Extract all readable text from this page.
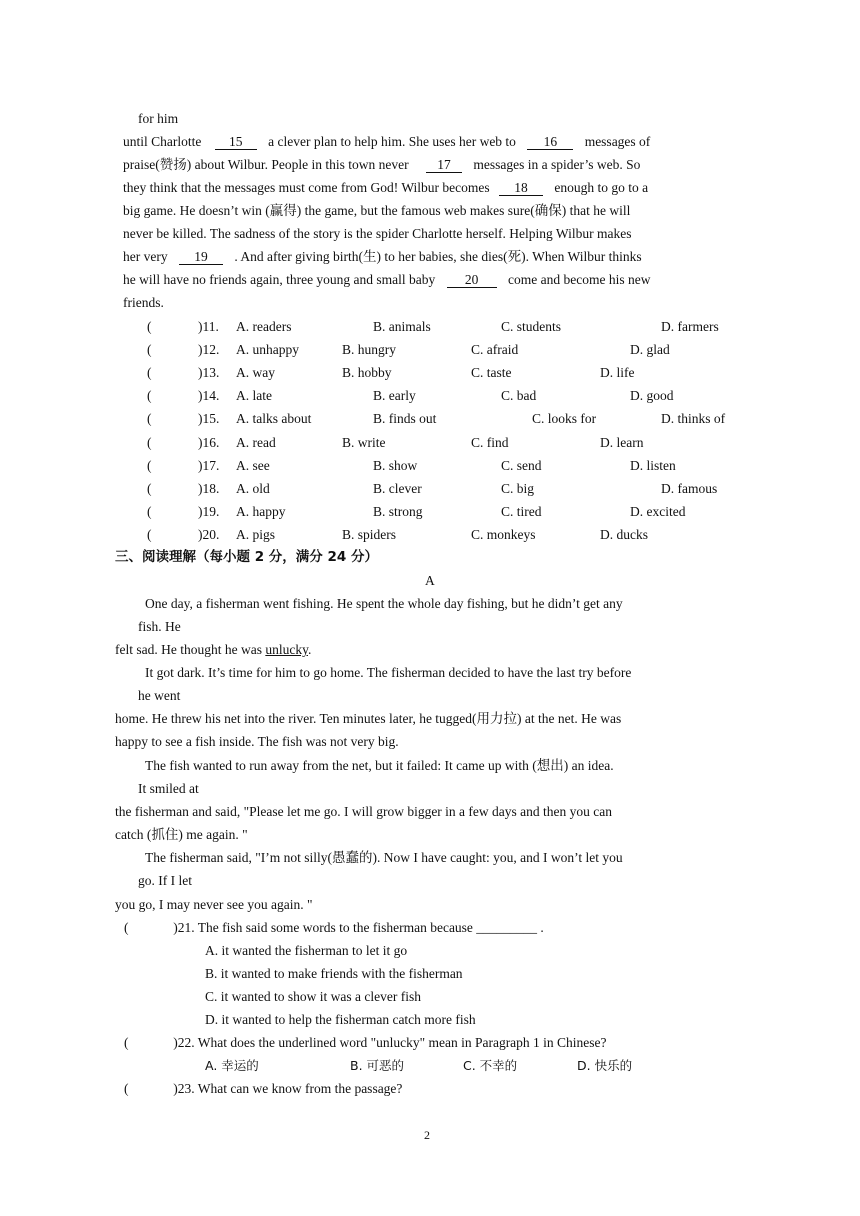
for him
until Charlotte 15 a clever plan to help him. She uses her web to 16 messages of
praise(赞扬) about Wilbur. People in this town never 17 messages in a spider’s web. So
they think that the messages must come from God! Wilbur becomes 18 enough to go to a
big game. He doesn’t win (赢得) the game, but the famous web makes sure(确保) that he will
never be killed. The sadness of the story is the spider Charlotte herself. Helping Wilbur makes
her very 19 . And after giving birth(生) to her babies, she dies(死). When Wilbur thinks
he will have no friends again, three young and small baby 20 come and become his new
friends.
(	)11. A. readers	B. animals	C. students	D. farmers
(	)12. A. unhappy	B. hungry	C. afraid	D. glad
(	)13. A. way	B. hobby	C. taste	D. life
(	)14. A. late	B. early	C. bad	D. good
(	)15. A. talks about	B. finds out	C. looks for	D. thinks of
(	)16. A. read	B. write	C. find	D. learn
(	)17. A. see	B. show	C. send	D. listen
(	)18. A. old	B. clever	C. big	D. famous
(	)19. A. happy	B. strong	C. tired	D. excited
(	)20. A. pigs	B. spiders	C. monkeys	D. ducks
三、阅读理解（每小题 2 分，满分 24 分）
A
One day, a fisherman went fishing. He spent the whole day fishing, but he didn’t get any
fish. He
felt sad. He thought he was unlucky.
It got dark. It’s time for him to go home. The fisherman decided to have the last try before
he went
home. He threw his net into the river. Ten minutes later, he tugged(用力拉) at the net. He was
happy to see a fish inside. The fish was not very big.
The fish wanted to run away from the net, but it failed: It came up with (想出) an idea.
It smiled at
the fisherman and said, "Please let me go. I will grow bigger in a few days and then you can
catch (抓住) me again. "
The fisherman said, "I’m not silly(愚蠢的). Now I have caught: you, and I won’t let you
go. If I let
you go, I may never see you again. "
(	)21. The fish said some words to the fisherman because _________ .
A. it wanted the fisherman to let it go
B. it wanted to make friends with the fisherman
C. it wanted to show it was a clever fish
D. it wanted to help the fisherman catch more fish
(	)22. What does the underlined word "unlucky" mean in Paragraph 1 in Chinese?
A. 幸运的	B. 可恶的	C. 不幸的	D. 快乐的
(	)23. What can we know from the passage?
2
